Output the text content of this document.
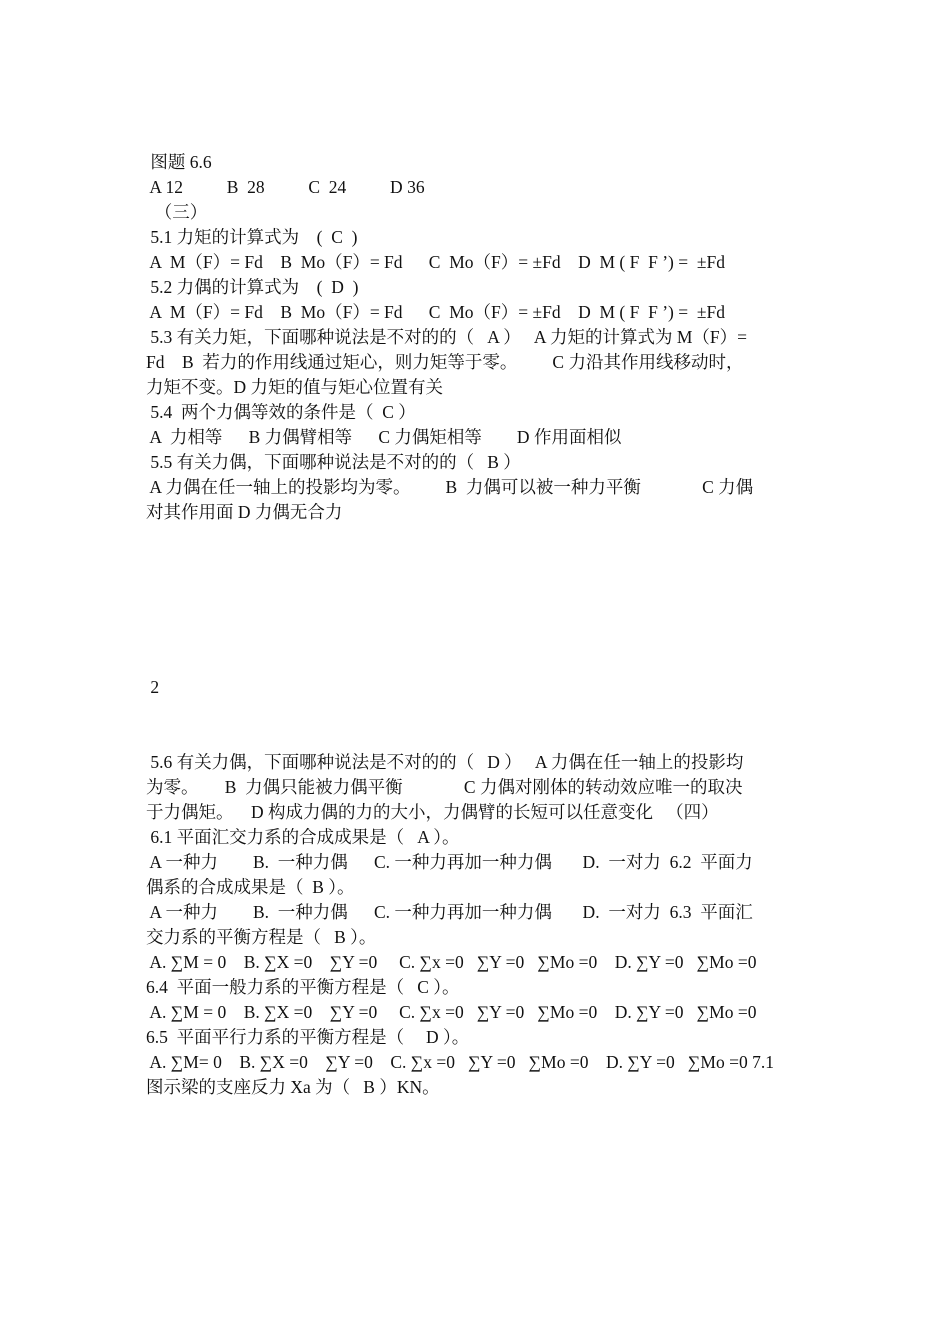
图题 6.6
A 12          B  28          C  24          D 36
（三）
5.1 力矩的计算式为    (  C  )
A  M（F）= Fd    B  Mo（F）= Fd      C  Mo（F）= ±Fd    D  M ( F  F ’) =  ±Fd
5.2 力偶的计算式为    (  D  )
A  M（F）= Fd    B  Mo（F）= Fd      C  Mo（F）= ±Fd    D  M ( F  F ’) =  ±Fd
5.3 有关力矩，下面哪种说法是不对的的（   A ）   A 力矩的计算式为 M（F）=
Fd    B  若力的作用线通过矩心，则力矩等于零。        C 力沿其作用线移动时，
力矩不变。D 力矩的值与矩心位置有关
5.4  两个力偶等效的条件是（  C ）
A  力相等      B 力偶臂相等      C 力偶矩相等        D 作用面相似
5.5 有关力偶，下面哪种说法是不对的的（   B ）
A 力偶在任一轴上的投影均为零。        B  力偶可以被一种力平衡              C 力偶
对其作用面 D 力偶无合力
2
5.6 有关力偶，下面哪种说法是不对的的（   D ）   A 力偶在任一轴上的投影均
为零。      B  力偶只能被力偶平衡              C 力偶对刚体的转动效应唯一的取决
于力偶矩。    D 构成力偶的力的大小，力偶臂的长短可以任意变化   （四）
6.1 平面汇交力系的合成成果是（   A ）。
A 一种力        B.  一种力偶      C. 一种力再加一种力偶       D.  一对力  6.2  平面力
偶系的合成成果是（  B ）。
A 一种力        B.  一种力偶      C. 一种力再加一种力偶       D.  一对力  6.3  平面汇
交力系的平衡方程是（   B ）。
A. ∑M = 0    B. ∑X =0    ∑Y =0     C. ∑x =0   ∑Y =0   ∑Mo =0    D. ∑Y =0   ∑Mo =0
6.4  平面一般力系的平衡方程是（   C ）。
A. ∑M = 0    B. ∑X =0    ∑Y =0     C. ∑x =0   ∑Y =0   ∑Mo =0    D. ∑Y =0   ∑Mo =0
6.5  平面平行力系的平衡方程是（     D ）。
A. ∑M= 0    B. ∑X =0    ∑Y =0    C. ∑x =0   ∑Y =0   ∑Mo =0    D. ∑Y =0   ∑Mo =0 7.1
图示梁的支座反力 Xa 为（   B ）KN。
